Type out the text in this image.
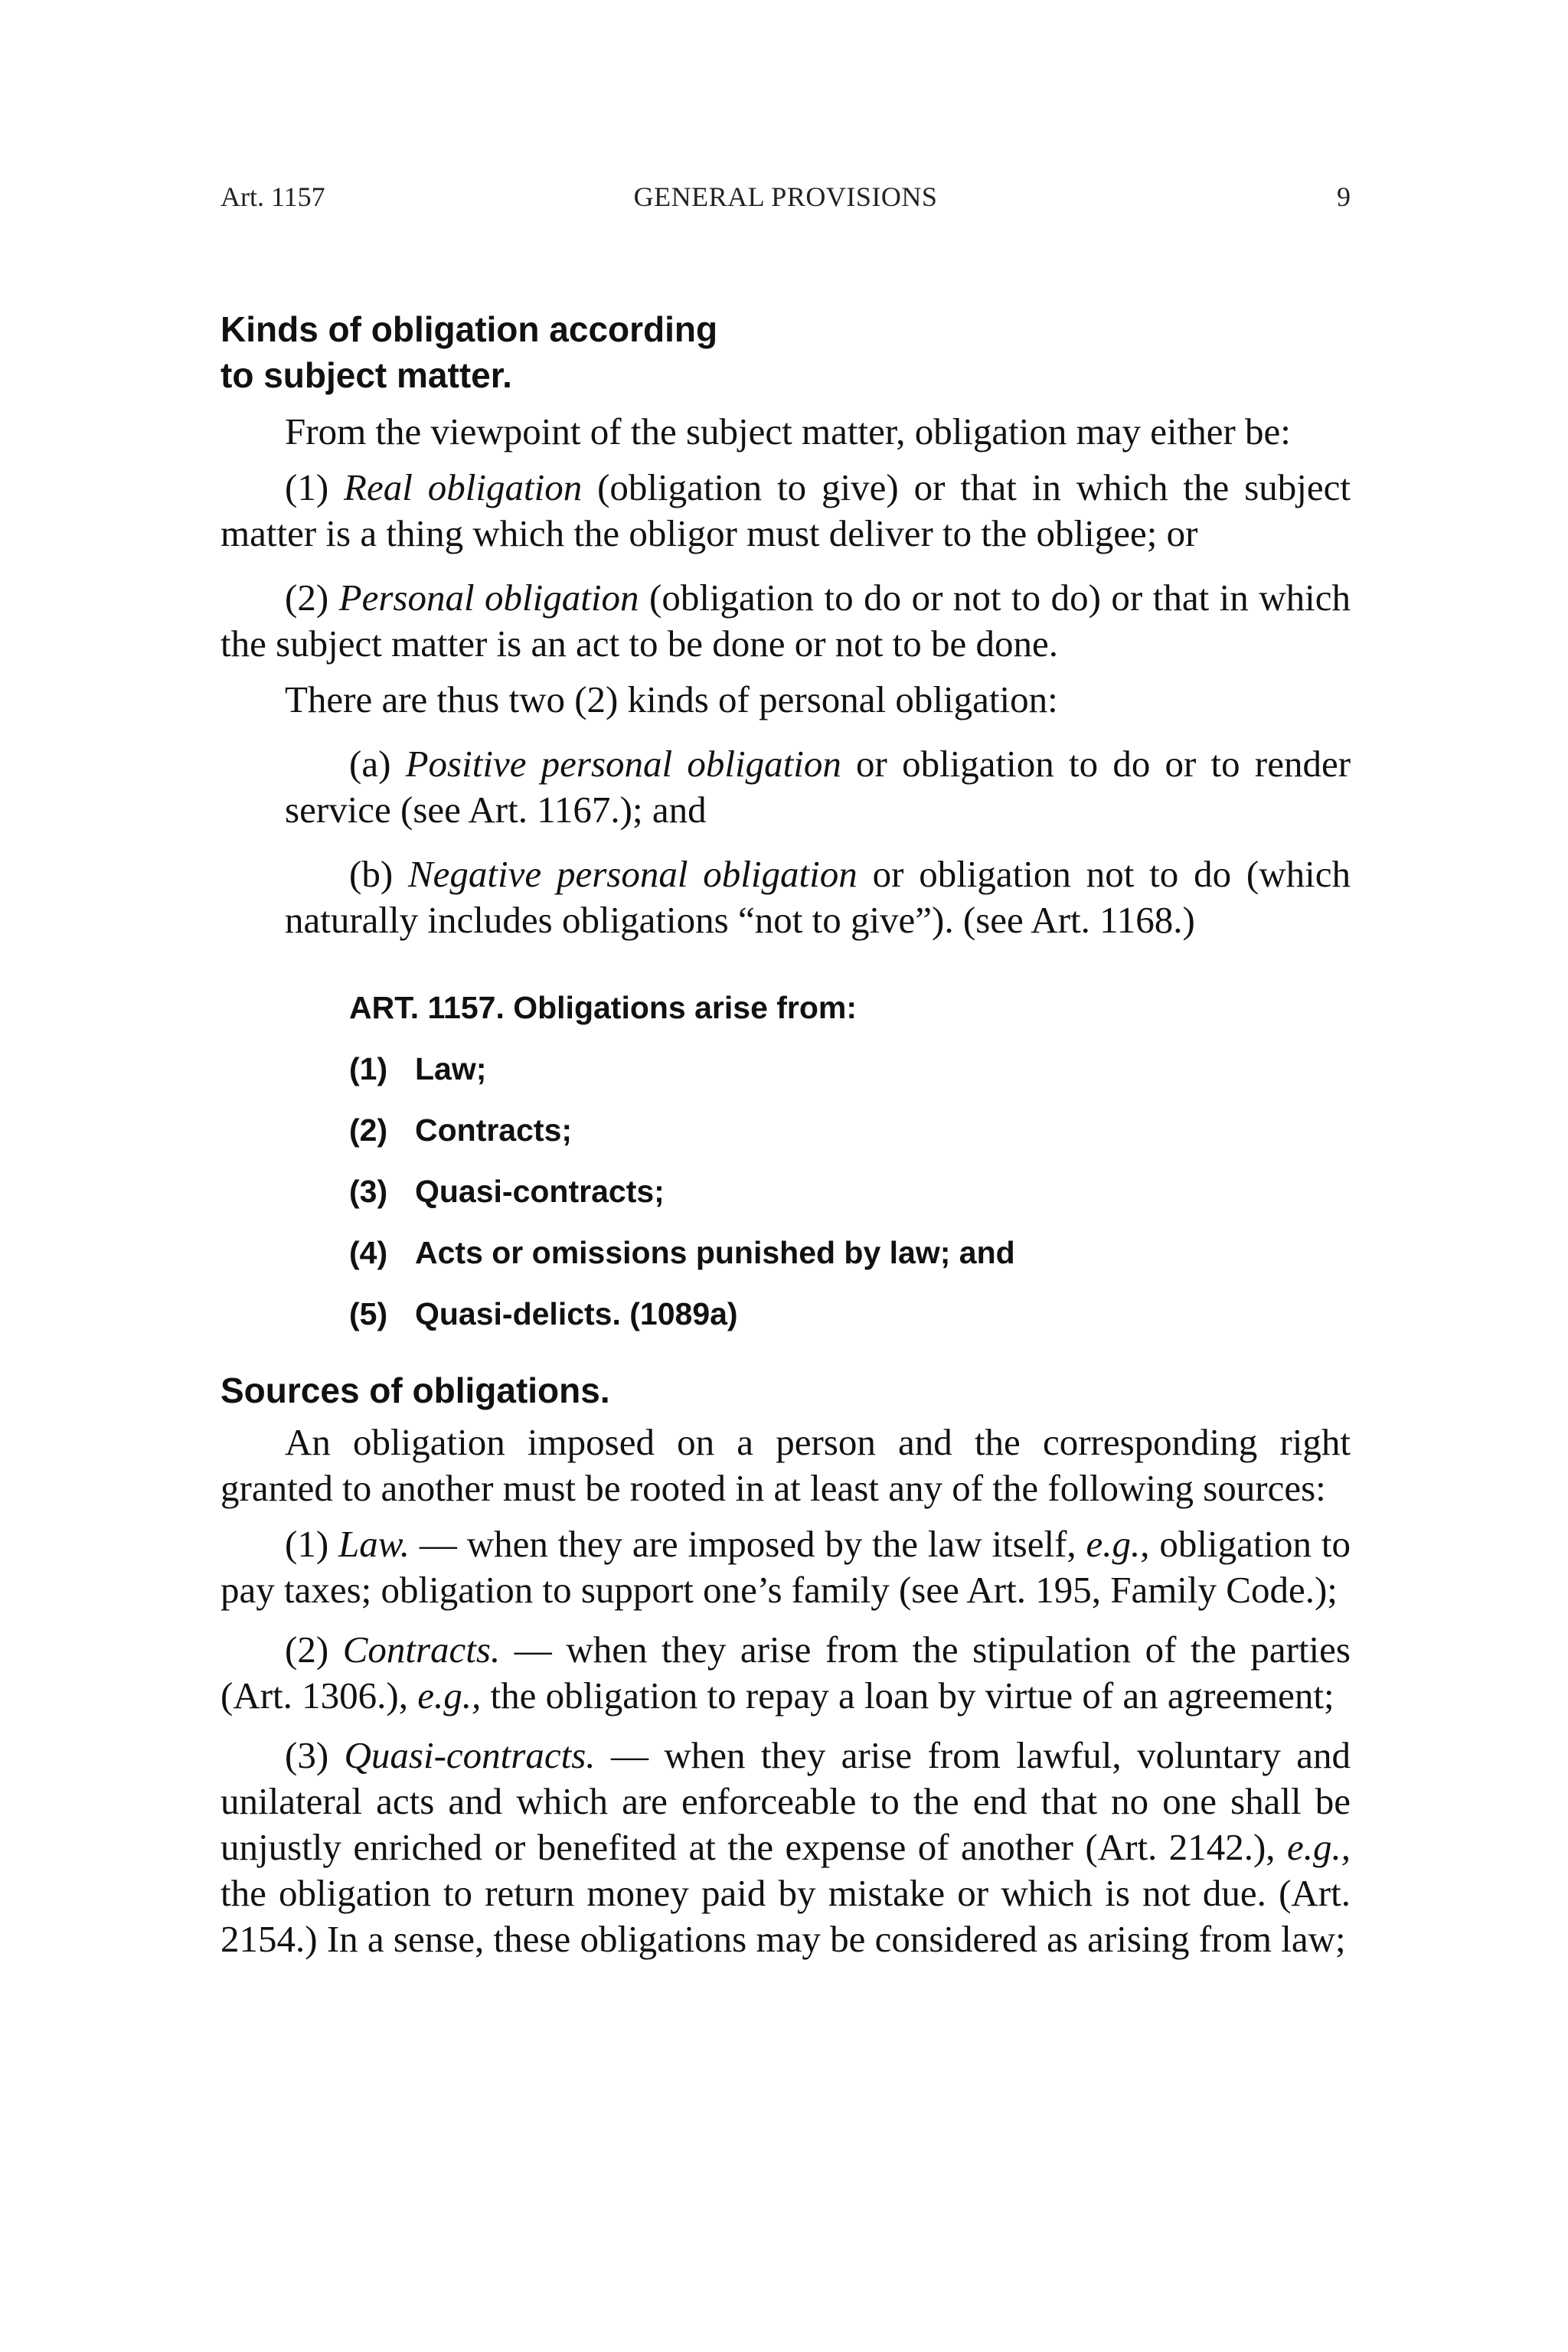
Art. 1157	GENERAL PROVISIONS	9
Kinds of obligation according
to subject matter.

From the viewpoint of the subject matter, obligation may either be:

(1) Real obligation (obligation to give) or that in which the subject matter is a thing which the obligor must deliver to the obligee; or

(2) Personal obligation (obligation to do or not to do) or that in which the subject matter is an act to be done or not to be done.

There are thus two (2) kinds of personal obligation:

(a) Positive personal obligation or obligation to do or to render service (see Art. 1167.); and

(b) Negative personal obligation or obligation not to do (which naturally includes obligations “not to give”). (see Art. 1168.)

ART. 1157. Obligations arise from:
(1) Law;
(2) Contracts;
(3) Quasi-contracts;
(4) Acts or omissions punished by law; and
(5) Quasi-delicts. (1089a)
Sources of obligations.

An obligation imposed on a person and the corresponding right granted to another must be rooted in at least any of the following sources:

(1) Law. — when they are imposed by the law itself, e.g., obligation to pay taxes; obligation to support one’s family (see Art. 195, Family Code.);

(2) Contracts. — when they arise from the stipulation of the parties (Art. 1306.), e.g., the obligation to repay a loan by virtue of an agreement;

(3) Quasi-contracts. — when they arise from lawful, voluntary and unilateral acts and which are enforceable to the end that no one shall be unjustly enriched or benefited at the expense of another (Art. 2142.), e.g., the obligation to return money paid by mistake or which is not due. (Art. 2154.) In a sense, these obligations may be considered as arising from law;
